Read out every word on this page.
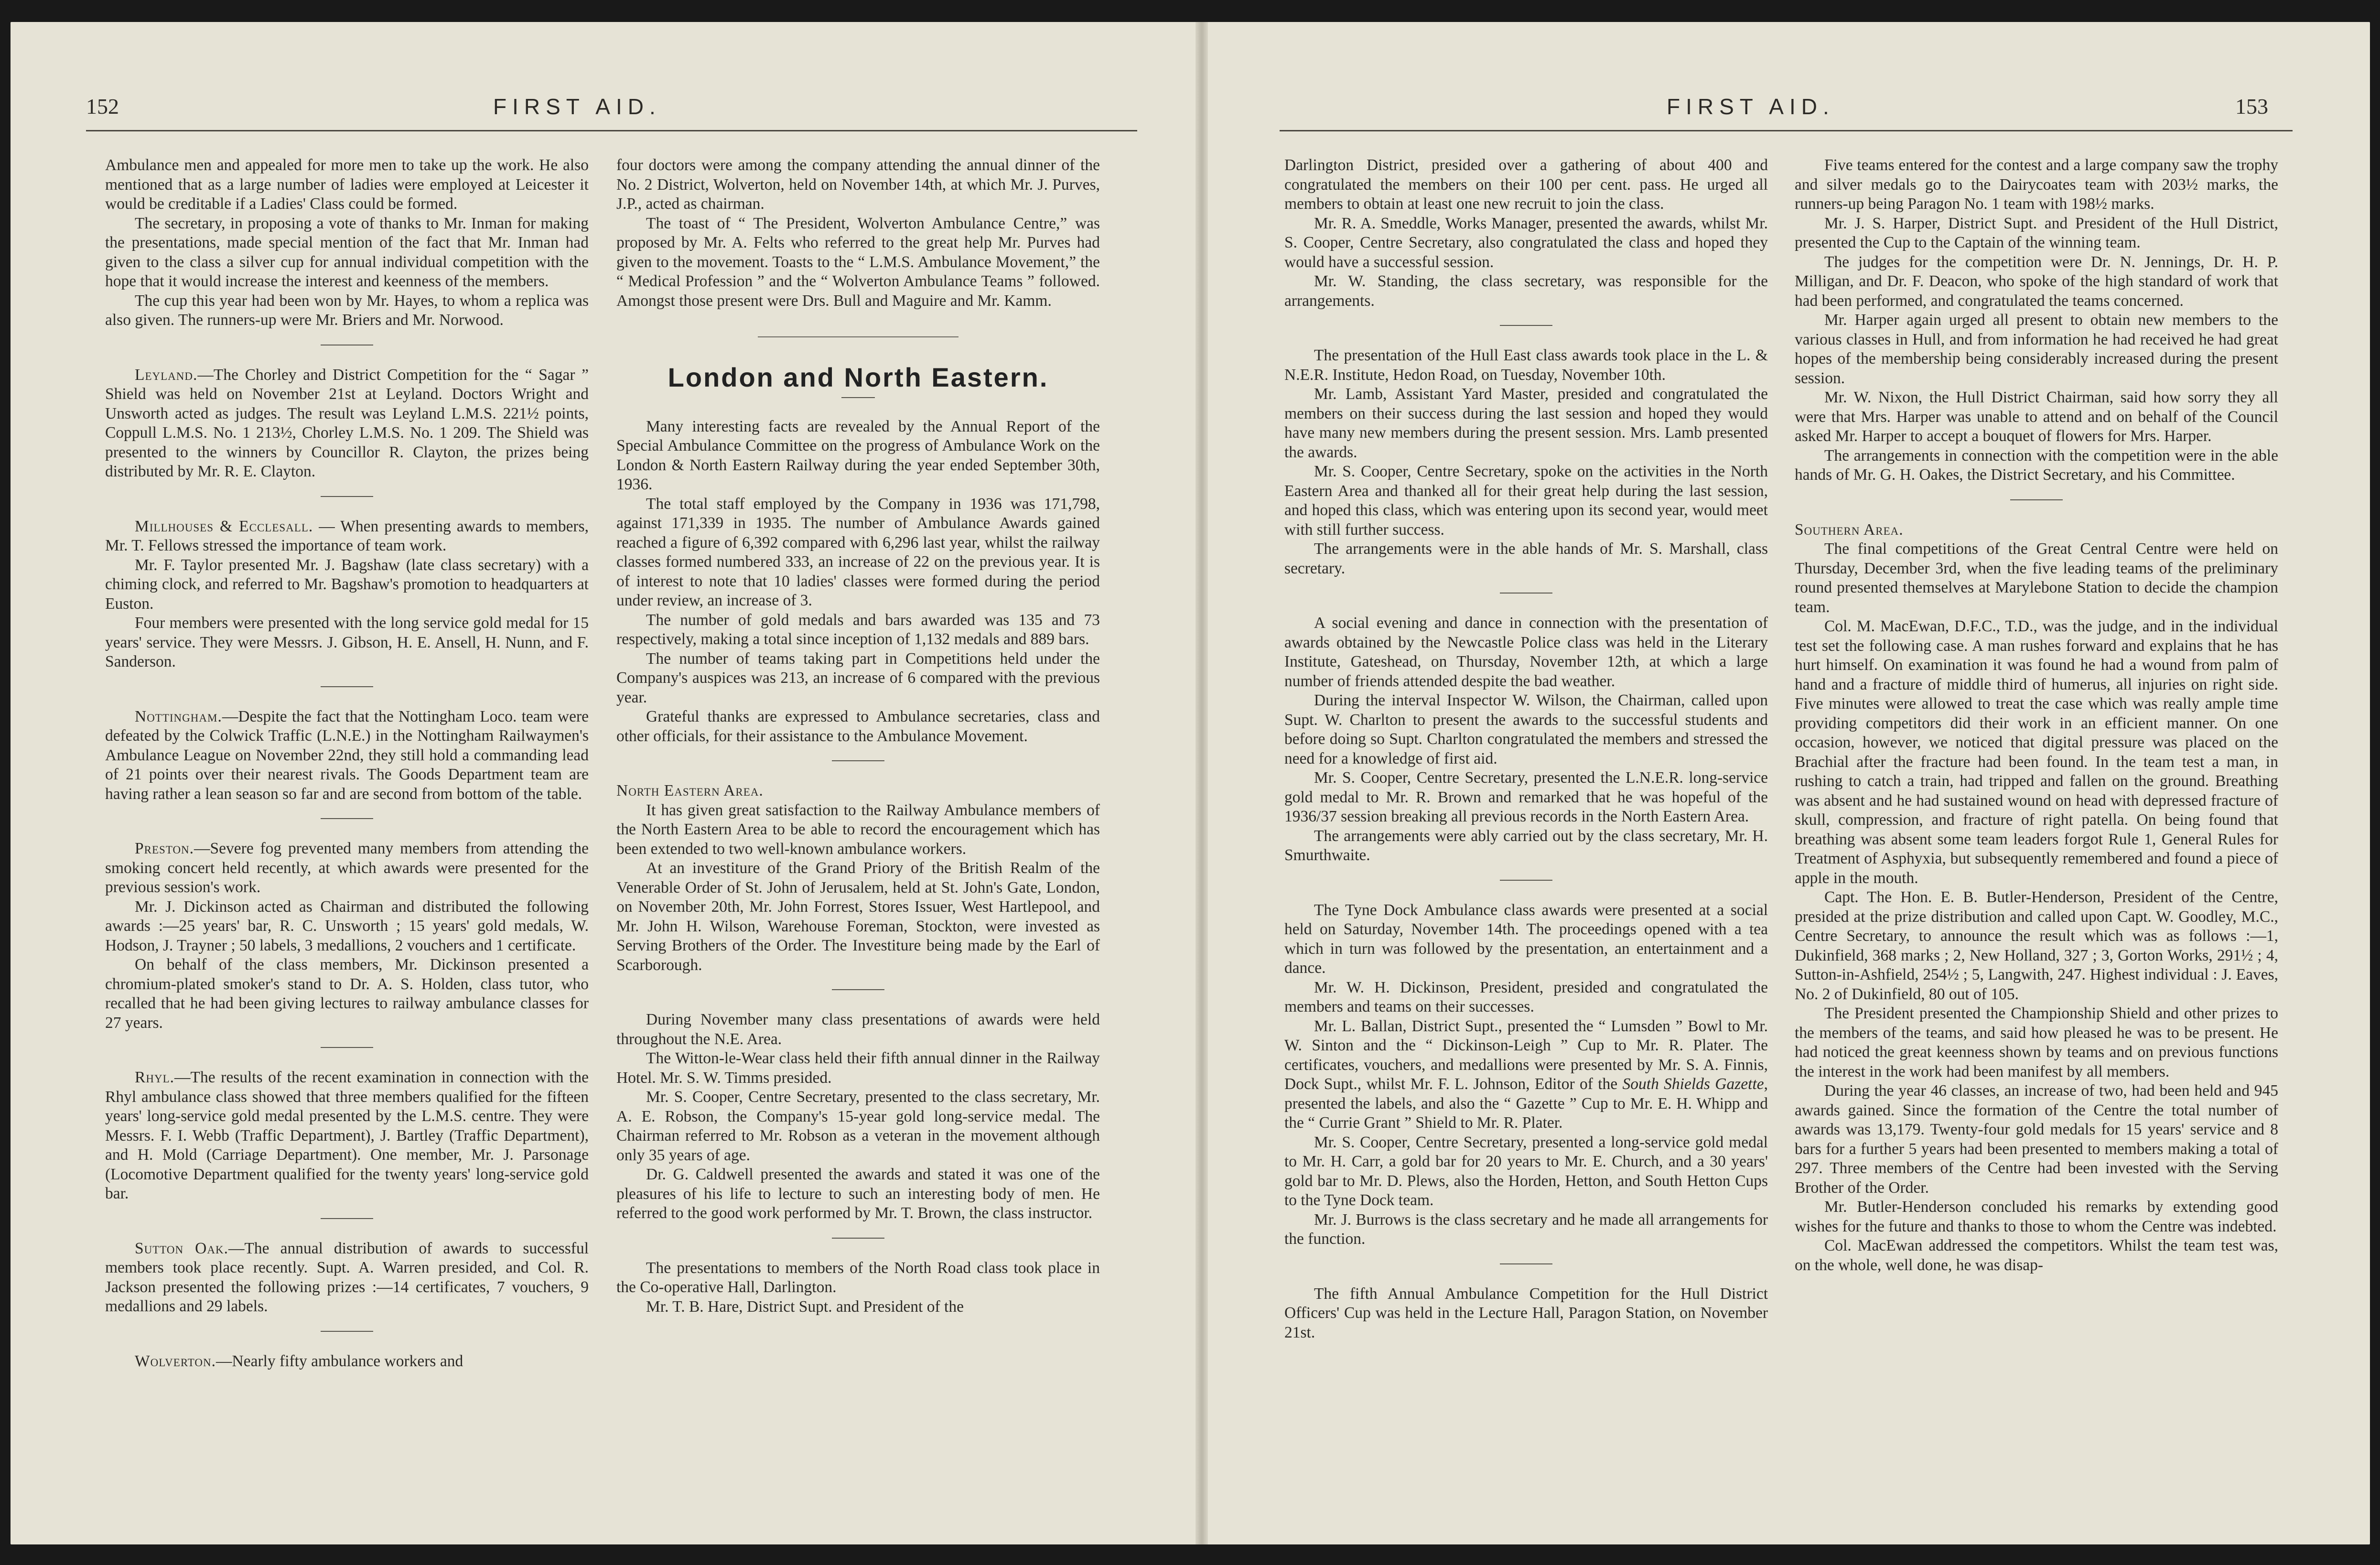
152	FIRST AID.

Ambulance men and appealed for more men to take up the work. He also mentioned that as a large number of ladies were employed at Leicester it would be creditable if a Ladies' Class could be formed.

The secretary, in proposing a vote of thanks to Mr. Inman for making the presentations, made special mention of the fact that Mr. Inman had given to the class a silver cup for annual individual competition with the hope that it would increase the interest and keenness of the members.

The cup this year had been won by Mr. Hayes, to whom a replica was also given. The runners-up were Mr. Briers and Mr. Norwood.

Leyland.—The Chorley and District Competition for the “ Sagar ” Shield was held on November 21st at Leyland. Doctors Wright and Unsworth acted as judges. The result was Leyland L.M.S. 221½ points, Coppull L.M.S. No. 1 213½, Chorley L.M.S. No. 1 209. The Shield was presented to the winners by Councillor R. Clayton, the prizes being distributed by Mr. R. E. Clayton.

Millhouses & Ecclesall. — When presenting awards to members, Mr. T. Fellows stressed the importance of team work.

Mr. F. Taylor presented Mr. J. Bagshaw (late class secretary) with a chiming clock, and referred to Mr. Bagshaw's promotion to headquarters at Euston.

Four members were presented with the long service gold medal for 15 years' service. They were Messrs. J. Gibson, H. E. Ansell, H. Nunn, and F. Sanderson.

Nottingham.—Despite the fact that the Nottingham Loco. team were defeated by the Colwick Traffic (L.N.E.) in the Nottingham Railwaymen's Ambulance League on November 22nd, they still hold a commanding lead of 21 points over their nearest rivals. The Goods Department team are having rather a lean season so far and are second from bottom of the table.

Preston.—Severe fog prevented many members from attending the smoking concert held recently, at which awards were presented for the previous session's work.

Mr. J. Dickinson acted as Chairman and distributed the following awards :—25 years' bar, R. C. Unsworth ; 15 years' gold medals, W. Hodson, J. Trayner ; 50 labels, 3 medallions, 2 vouchers and 1 certificate.

On behalf of the class members, Mr. Dickinson presented a chromium-plated smoker's stand to Dr. A. S. Holden, class tutor, who recalled that he had been giving lectures to railway ambulance classes for 27 years.

Rhyl.—The results of the recent examination in connection with the Rhyl ambulance class showed that three members qualified for the fifteen years' long-service gold medal presented by the L.M.S. centre. They were Messrs. F. I. Webb (Traffic Department), J. Bartley (Traffic Department), and H. Mold (Carriage Department). One member, Mr. J. Parsonage (Locomotive Department qualified for the twenty years' long-service gold bar.

Sutton Oak.—The annual distribution of awards to successful members took place recently. Supt. A. Warren presided, and Col. R. Jackson presented the following prizes :—14 certificates, 7 vouchers, 9 medallions and 29 labels.

Wolverton.—Nearly fifty ambulance workers and

four doctors were among the company attending the annual dinner of the No. 2 District, Wolverton, held on November 14th, at which Mr. J. Purves, J.P., acted as chairman.

The toast of “ The President, Wolverton Ambulance Centre,” was proposed by Mr. A. Felts who referred to the great help Mr. Purves had given to the movement. Toasts to the “ L.M.S. Ambulance Movement,” the “ Medical Profession ” and the “ Wolverton Ambulance Teams ” followed. Amongst those present were Drs. Bull and Maguire and Mr. Kamm.

London and North Eastern.

Many interesting facts are revealed by the Annual Report of the Special Ambulance Committee on the progress of Ambulance Work on the London & North Eastern Railway during the year ended September 30th, 1936.

The total staff employed by the Company in 1936 was 171,798, against 171,339 in 1935. The number of Ambulance Awards gained reached a figure of 6,392 compared with 6,296 last year, whilst the railway classes formed numbered 333, an increase of 22 on the previous year. It is of interest to note that 10 ladies' classes were formed during the period under review, an increase of 3.

The number of gold medals and bars awarded was 135 and 73 respectively, making a total since inception of 1,132 medals and 889 bars.

The number of teams taking part in Competitions held under the Company's auspices was 213, an increase of 6 compared with the previous year.

Grateful thanks are expressed to Ambulance secretaries, class and other officials, for their assistance to the Ambulance Movement.

North Eastern Area.

It has given great satisfaction to the Railway Ambulance members of the North Eastern Area to be able to record the encouragement which has been extended to two well-known ambulance workers.

At an investiture of the Grand Priory of the British Realm of the Venerable Order of St. John of Jerusalem, held at St. John's Gate, London, on November 20th, Mr. John Forrest, Stores Issuer, West Hartlepool, and Mr. John H. Wilson, Warehouse Foreman, Stockton, were invested as Serving Brothers of the Order. The Investiture being made by the Earl of Scarborough.

During November many class presentations of awards were held throughout the N.E. Area.

The Witton-le-Wear class held their fifth annual dinner in the Railway Hotel. Mr. S. W. Timms presided.

Mr. S. Cooper, Centre Secretary, presented to the class secretary, Mr. A. E. Robson, the Company's 15-year gold long-service medal. The Chairman referred to Mr. Robson as a veteran in the movement although only 35 years of age.

Dr. G. Caldwell presented the awards and stated it was one of the pleasures of his life to lecture to such an interesting body of men. He referred to the good work performed by Mr. T. Brown, the class instructor.

The presentations to members of the North Road class took place in the Co-operative Hall, Darlington.

Mr. T. B. Hare, District Supt. and President of the

FIRST AID.	153

Darlington District, presided over a gathering of about 400 and congratulated the members on their 100 per cent. pass. He urged all members to obtain at least one new recruit to join the class.

Mr. R. A. Smeddle, Works Manager, presented the awards, whilst Mr. S. Cooper, Centre Secretary, also congratulated the class and hoped they would have a successful session.

Mr. W. Standing, the class secretary, was responsible for the arrangements.

The presentation of the Hull East class awards took place in the L. & N.E.R. Institute, Hedon Road, on Tuesday, November 10th.

Mr. Lamb, Assistant Yard Master, presided and congratulated the members on their success during the last session and hoped they would have many new members during the present session. Mrs. Lamb presented the awards.

Mr. S. Cooper, Centre Secretary, spoke on the activities in the North Eastern Area and thanked all for their great help during the last session, and hoped this class, which was entering upon its second year, would meet with still further success.

The arrangements were in the able hands of Mr. S. Marshall, class secretary.

A social evening and dance in connection with the presentation of awards obtained by the Newcastle Police class was held in the Literary Institute, Gateshead, on Thursday, November 12th, at which a large number of friends attended despite the bad weather.

During the interval Inspector W. Wilson, the Chairman, called upon Supt. W. Charlton to present the awards to the successful students and before doing so Supt. Charlton congratulated the members and stressed the need for a knowledge of first aid.

Mr. S. Cooper, Centre Secretary, presented the L.N.E.R. long-service gold medal to Mr. R. Brown and remarked that he was hopeful of the 1936/37 session breaking all previous records in the North Eastern Area.

The arrangements were ably carried out by the class secretary, Mr. H. Smurthwaite.

The Tyne Dock Ambulance class awards were presented at a social held on Saturday, November 14th. The proceedings opened with a tea which in turn was followed by the presentation, an entertainment and a dance.

Mr. W. H. Dickinson, President, presided and congratulated the members and teams on their successes.

Mr. L. Ballan, District Supt., presented the “ Lumsden ” Bowl to Mr. W. Sinton and the “ Dickinson-Leigh ” Cup to Mr. R. Plater. The certificates, vouchers, and medallions were presented by Mr. S. A. Finnis, Dock Supt., whilst Mr. F. L. Johnson, Editor of the South Shields Gazette, presented the labels, and also the “ Gazette ” Cup to Mr. E. H. Whipp and the “ Currie Grant ” Shield to Mr. R. Plater.

Mr. S. Cooper, Centre Secretary, presented a long-service gold medal to Mr. H. Carr, a gold bar for 20 years to Mr. E. Church, and a 30 years' gold bar to Mr. D. Plews, also the Horden, Hetton, and South Hetton Cups to the Tyne Dock team.

Mr. J. Burrows is the class secretary and he made all arrangements for the function.

The fifth Annual Ambulance Competition for the Hull District Officers' Cup was held in the Lecture Hall, Paragon Station, on November 21st.

Five teams entered for the contest and a large company saw the trophy and silver medals go to the Dairycoates team with 203½ marks, the runners-up being Paragon No. 1 team with 198½ marks.

Mr. J. S. Harper, District Supt. and President of the Hull District, presented the Cup to the Captain of the winning team.

The judges for the competition were Dr. N. Jennings, Dr. H. P. Milligan, and Dr. F. Deacon, who spoke of the high standard of work that had been performed, and congratulated the teams concerned.

Mr. Harper again urged all present to obtain new members to the various classes in Hull, and from information he had received he had great hopes of the membership being considerably increased during the present session.

Mr. W. Nixon, the Hull District Chairman, said how sorry they all were that Mrs. Harper was unable to attend and on behalf of the Council asked Mr. Harper to accept a bouquet of flowers for Mrs. Harper.

The arrangements in connection with the competition were in the able hands of Mr. G. H. Oakes, the District Secretary, and his Committee.

Southern Area.

The final competitions of the Great Central Centre were held on Thursday, December 3rd, when the five leading teams of the preliminary round presented themselves at Marylebone Station to decide the champion team.

Col. M. MacEwan, D.F.C., T.D., was the judge, and in the individual test set the following case. A man rushes forward and explains that he has hurt himself. On examination it was found he had a wound from palm of hand and a fracture of middle third of humerus, all injuries on right side. Five minutes were allowed to treat the case which was really ample time providing competitors did their work in an efficient manner. On one occasion, however, we noticed that digital pressure was placed on the Brachial after the fracture had been found. In the team test a man, in rushing to catch a train, had tripped and fallen on the ground. Breathing was absent and he had sustained wound on head with depressed fracture of skull, compression, and fracture of right patella. On being found that breathing was absent some team leaders forgot Rule 1, General Rules for Treatment of Asphyxia, but subsequently remembered and found a piece of apple in the mouth.

Capt. The Hon. E. B. Butler-Henderson, President of the Centre, presided at the prize distribution and called upon Capt. W. Goodley, M.C., Centre Secretary, to announce the result which was as follows :—1, Dukinfield, 368 marks ; 2, New Holland, 327 ; 3, Gorton Works, 291½ ; 4, Sutton-in-Ashfield, 254½ ; 5, Langwith, 247. Highest individual : J. Eaves, No. 2 of Dukinfield, 80 out of 105.

The President presented the Championship Shield and other prizes to the members of the teams, and said how pleased he was to be present. He had noticed the great keenness shown by teams and on previous functions the interest in the work had been manifest by all members.

During the year 46 classes, an increase of two, had been held and 945 awards gained. Since the formation of the Centre the total number of awards was 13,179. Twenty-four gold medals for 15 years' service and 8 bars for a further 5 years had been presented to members making a total of 297. Three members of the Centre had been invested with the Serving Brother of the Order.

Mr. Butler-Henderson concluded his remarks by extending good wishes for the future and thanks to those to whom the Centre was indebted.

Col. MacEwan addressed the competitors. Whilst the team test was, on the whole, well done, he was disap-
